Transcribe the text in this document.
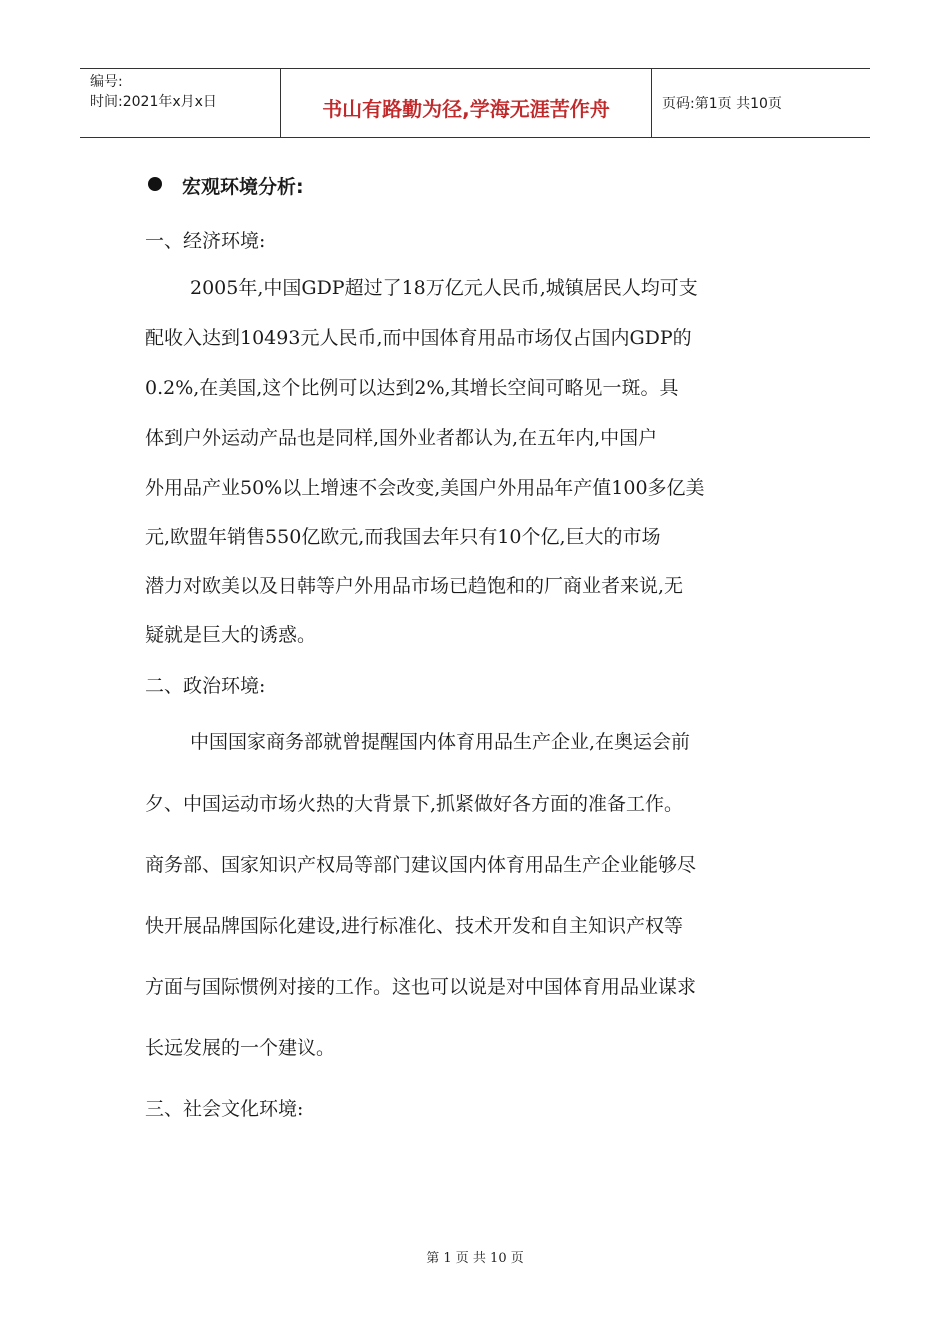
编号:
时间:2021年x月x日	书山有路勤为径,学海无涯苦作舟	页码:第1页 共10页
宏观环境分析:
一、经济环境:
2005年,中国GDP超过了18万亿元人民币,城镇居民人均可支
配收入达到10493元人民币,而中国体育用品市场仅占国内GDP的
0.2%,在美国,这个比例可以达到2%,其增长空间可略见一斑。具
体到户外运动产品也是同样,国外业者都认为,在五年内,中国户
外用品产业50%以上增速不会改变,美国户外用品年产值100多亿美
元,欧盟年销售550亿欧元,而我国去年只有10个亿,巨大的市场
潜力对欧美以及日韩等户外用品市场已趋饱和的厂商业者来说,无
疑就是巨大的诱惑。
二、政治环境:
中国国家商务部就曾提醒国内体育用品生产企业,在奥运会前
夕、中国运动市场火热的大背景下,抓紧做好各方面的准备工作。
商务部、国家知识产权局等部门建议国内体育用品生产企业能够尽
快开展品牌国际化建设,进行标准化、技术开发和自主知识产权等
方面与国际惯例对接的工作。这也可以说是对中国体育用品业谋求
长远发展的一个建议。
三、社会文化环境:
第 1 页 共 10 页
